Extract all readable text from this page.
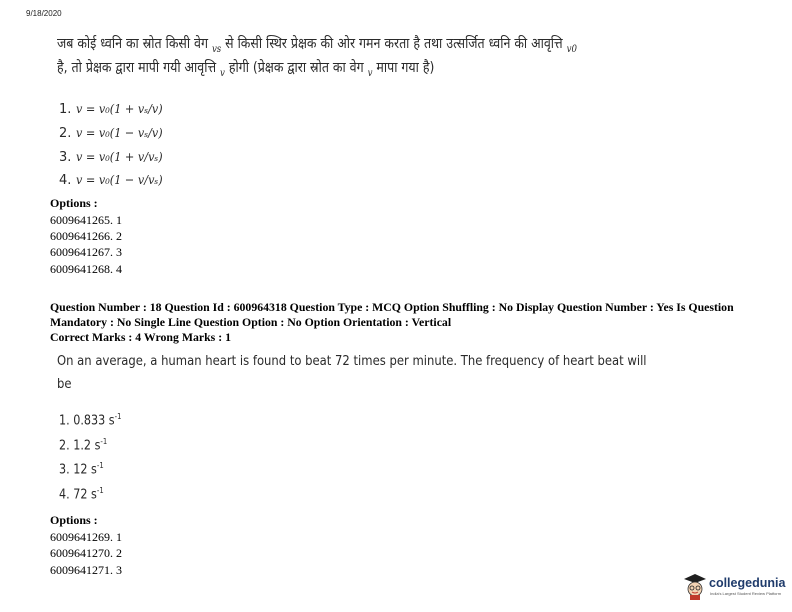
9/18/2020
जब कोई ध्वनि का स्रोत किसी वेग $_{vs}$ से किसी स्थिर प्रेक्षक की ओर गमन करता है तथा उत्सर्जित ध्वनि की आवृत्ति $_{v0}$
है, तो प्रेक्षक द्वारा मापी गयी आवृत्ति $_v$ होगी (प्रेक्षक द्वारा स्रोत का वेग $_v$ मापा गया है)
1. v = v₀(1 + vₛ/v)
2. v = v₀(1 − vₛ/v)
3. v = v₀(1 + v/vₛ)
4. v = v₀(1 − v/vₛ)
Options :
6009641265. 1
6009641266. 2
6009641267. 3
6009641268. 4
Question Number : 18 Question Id : 600964318 Question Type : MCQ Option Shuffling : No Display Question Number : Yes Is Question
Mandatory : No Single Line Question Option : No Option Orientation : Vertical
Correct Marks : 4 Wrong Marks : 1
On an average, a human heart is found to beat 72 times per minute. The frequency of heart beat will
be
1. 0.833 $s^{-1}$
2. 1.2 $s^{-1}$
3. 12 $s^{-1}$
4. 72 $s^{-1}$
Options :
6009641269. 1
6009641270. 2
6009641271. 3
collegedunia
India's Largest Student Review Platform
